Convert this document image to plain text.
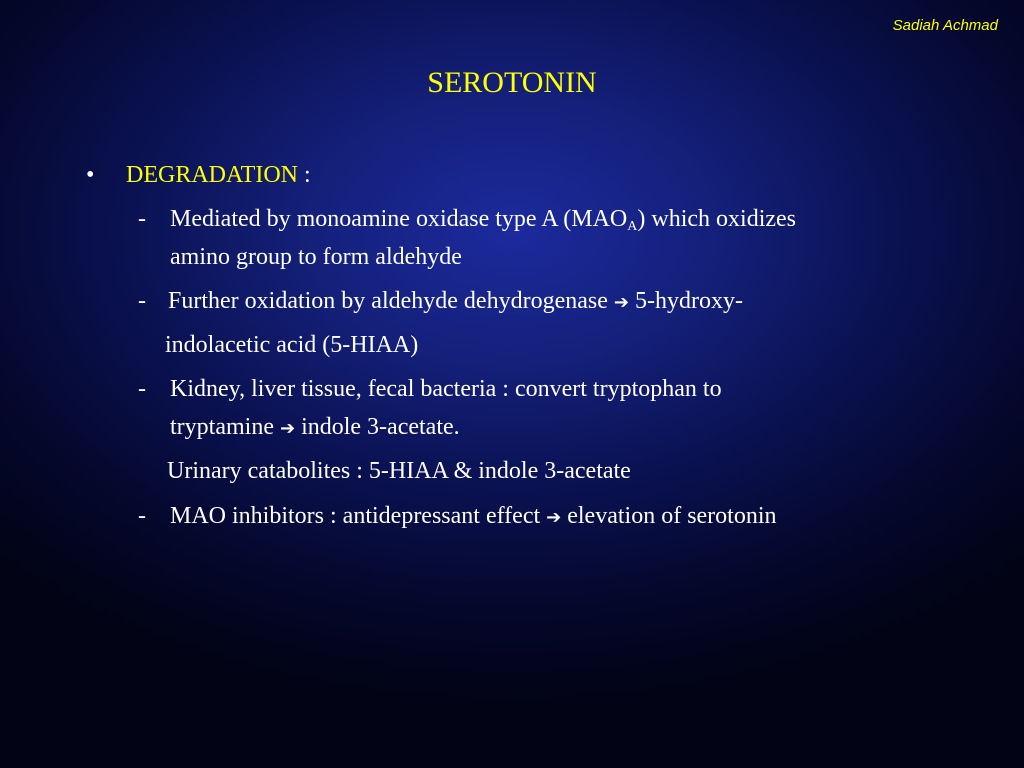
Sadiah Achmad
SEROTONIN
• DEGRADATION :
- Mediated by monoamine oxidase type A $(MAO_A)$ which oxidizes
amino group to form aldehyde
- Further oxidation by aldehyde dehydrogenase ➔ 5-hydroxy-
indolacetic acid (5-HIAA)
- Kidney, liver tissue, fecal bacteria : convert tryptophan to
tryptamine ➔ indole 3-acetate.
Urinary catabolites : 5-HIAA & indole 3-acetate
- MAO inhibitors : antidepressant effect ➔ elevation of serotonin
